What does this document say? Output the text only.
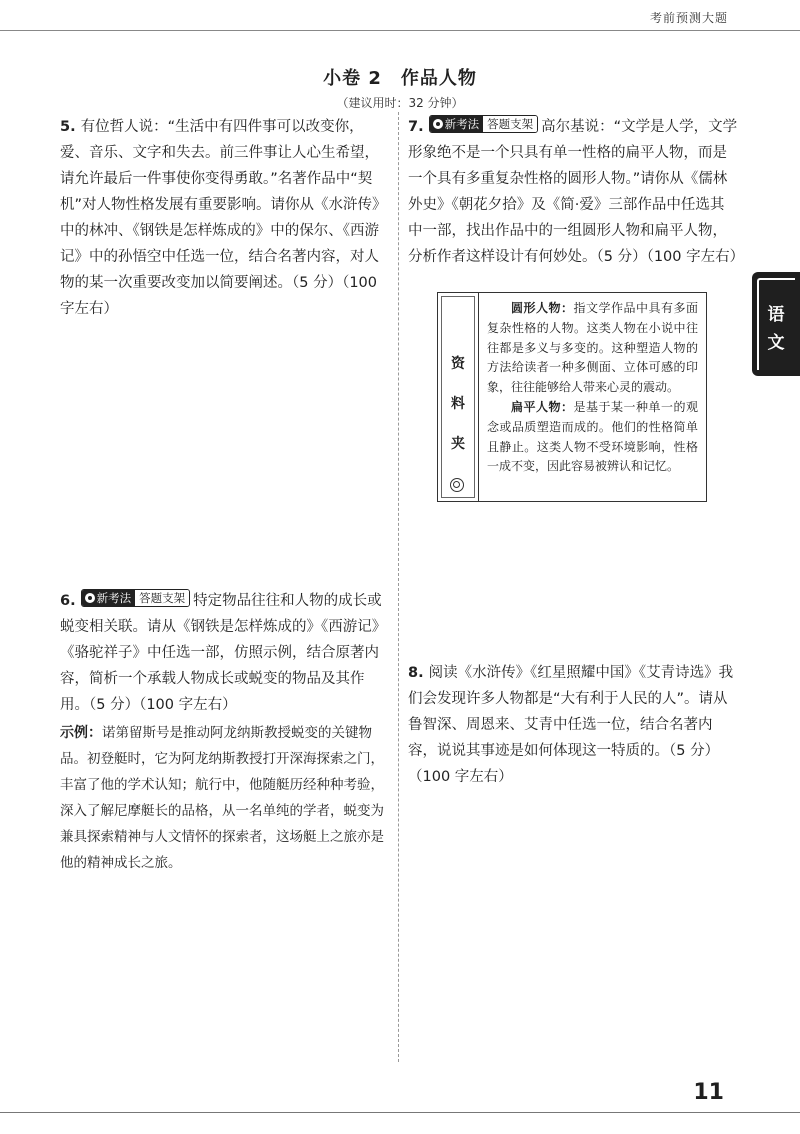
考前预测大题
小卷 2　作品人物
（建议用时：32 分钟）

5. 有位哲人说：“生活中有四件事可以改变你，爱、音乐、文字和失去。前三件事让人心生希望，请允许最后一件事使你变得勇敢。”名著作品中“契机”对人物性格发展有重要影响。请你从《水浒传》中的林冲、《钢铁是怎样炼成的》中的保尔、《西游记》中的孙悟空中任选一位，结合名著内容，对人物的某一次重要改变加以简要阐述。（5 分）（100 字左右）

6. 新考法 答题支架 特定物品往往和人物的成长或蜕变相关联。请从《钢铁是怎样炼成的》《西游记》《骆驼祥子》中任选一部，仿照示例，结合原著内容，简析一个承载人物成长或蜕变的物品及其作用。（5 分）（100 字左右）

示例：诺第留斯号是推动阿龙纳斯教授蜕变的关键物品。初登艇时，它为阿龙纳斯教授打开深海探索之门，丰富了他的学术认知；航行中，他随艇历经种种考验，深入了解尼摩艇长的品格，从一名单纯的学者，蜕变为兼具探索精神与人文情怀的探索者，这场艇上之旅亦是他的精神成长之旅。

7. 新考法 答题支架 高尔基说：“文学是人学，文学形象绝不是一个只具有单一性格的扁平人物，而是一个具有多重复杂性格的圆形人物。”请你从《儒林外史》《朝花夕拾》及《简·爱》三部作品中任选其中一部，找出作品中的一组圆形人物和扁平人物，分析作者这样设计有何妙处。（5 分）（100 字左右）

资
料
夹

圆形人物：指文学作品中具有多面复杂性格的人物。这类人物在小说中往往都是多义与多变的。这种塑造人物的方法给读者一种多侧面、立体可感的印象，往往能够给人带来心灵的震动。

扁平人物：是基于某一种单一的观念或品质塑造而成的。他们的性格简单且静止。这类人物不受环境影响，性格一成不变，因此容易被辨认和记忆。

8. 阅读《水浒传》《红星照耀中国》《艾青诗选》我们会发现许多人物都是“大有利于人民的人”。请从鲁智深、周恩来、艾青中任选一位，结合名著内容，说说其事迹是如何体现这一特质的。（5 分）（100 字左右）

语
文
11
